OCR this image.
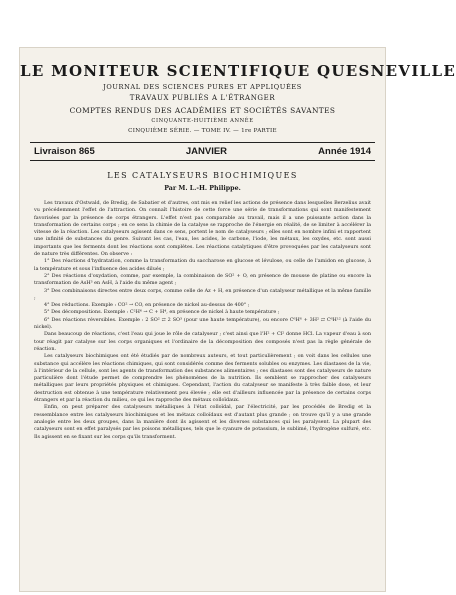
LE MONITEUR SCIENTIFIQUE QUESNEVILLE
JOURNAL DES SCIENCES PURES ET APPLIQUÉES
TRAVAUX PUBLIÉS A L'ÉTRANGER
COMPTES RENDUS DES ACADÉMIES ET SOCIÉTÉS SAVANTES
CINQUANTE-HUITIÈME ANNÉE
CINQUIÈME SÉRIE. — TOME IV. — 1re PARTIE
Livraison 865	JANVIER	Année 1914
LES CATALYSEURS BIOCHIMIQUES
Par M. L.-H. Philippe.

Les travaux d'Ostwald, de Bredig, de Sabatier et d'autres, ont mis en relief les actions de présence dans lesquelles Berzelius avait vu précédemment l'effet de l'attraction. On connaît l'histoire de cette force une série de transformations qui sont manifestement favorisées par la présence de corps étrangers. L'effet n'est pas comparable au travail, mais il a une puissante action dans la transformation de certains corps ; en ce sens la chimie de la catalyse se rapproche de l'énergie en réalité, de se limiter à accélérer la vitesse de la réaction. Les catalyseurs agissent dans ce sens, portent le nom de catalyseurs ; elles sont en nombre infini et rapportent une infinité de substances du genre. Suivant les cas, l'eau, les acides, le carbone, l'iode, les métaux, les oxydes, etc. sont aussi importants que les ferments dont les réactions sont complètes. Les réactions catalytiques d'être provoquées par les catalyseurs sont de nature très différentes. On observe :

1° Des réactions d'hydratation, comme la transformation du saccharose en glucose et lévulose, ou celle de l'amidon en glucose, à la température et sous l'influence des acides dilués ;

2° Des réactions d'oxydation, comme, par exemple, la combinaison de SO² + O, en présence de mousse de platine ou encore la transformation de AsH³ en AsH, à l'aide du même agent ;

3° Des combinaisons directes entre deux corps, comme celle de Az + H, en présence d'un catalyseur métallique et la même famille ;

4° Des réductions. Exemple : CO² → CO, en présence de nickel au-dessus de 400° ;

5° Des décompositions. Exemple : C²H⁶ → C + H⁴, en présence de nickel à haute température ;

6° Des réactions réversibles. Exemple : 2 SO² ⇄ 2 SO³ (pour une haute température), ou encore C⁶H⁶ + 3H² ⇄ C⁶H¹² (à l'aide du nickel).

Dans beaucoup de réactions, c'est l'eau qui joue le rôle de catalyseur ; c'est ainsi que l'H² + Cl² donne HCl. La vapeur d'eau à son tour réagit par catalyse sur les corps organiques et l'ordinaire de la décomposition des composés n'est pas la règle générale de réaction.

Les catalyseurs biochimiques ont été étudiés par de nombreux auteurs, et tout particulièrement ; on voit dans les cellules une substance qui accélère les réactions chimiques, qui sont considérés comme des ferments solubles ou enzymes. Les diastases de la vie, à l'intérieur de la cellule, sont les agents de transformation des substances alimentaires ; ces diastases sont des catalyseurs de nature particulière dont l'étude permet de comprendre les phénomènes de la nutrition. Ils semblent se rapprocher des catalyseurs métalliques par leurs propriétés physiques et chimiques. Cependant, l'action du catalyseur se manifeste à très faible dose, et leur destruction est obtenue à une température relativement peu élevée ; elle est d'ailleurs influencée par la présence de certains corps étrangers et par la réaction du milieu, ce qui les rapproche des métaux colloïdaux.

Enfin, on peut préparer des catalyseurs métalliques à l'état colloïdal, par l'électricité, par les procédés de Bredig et la ressemblance entre les catalyseurs biochimiques et les métaux colloïdaux est d'autant plus grande ; on trouve qu'il y a une grande analogie entre les deux groupes, dans la manière dont ils agissent et les diverses substances qui les paralysent. La plupart des catalyseurs sont en effet paralysés par les poisons métalliques, tels que le cyanure de potassium, le sublimé, l'hydrogène sulfuré, etc. Ils agissent en se fixant sur les corps qu'ils transforment.
